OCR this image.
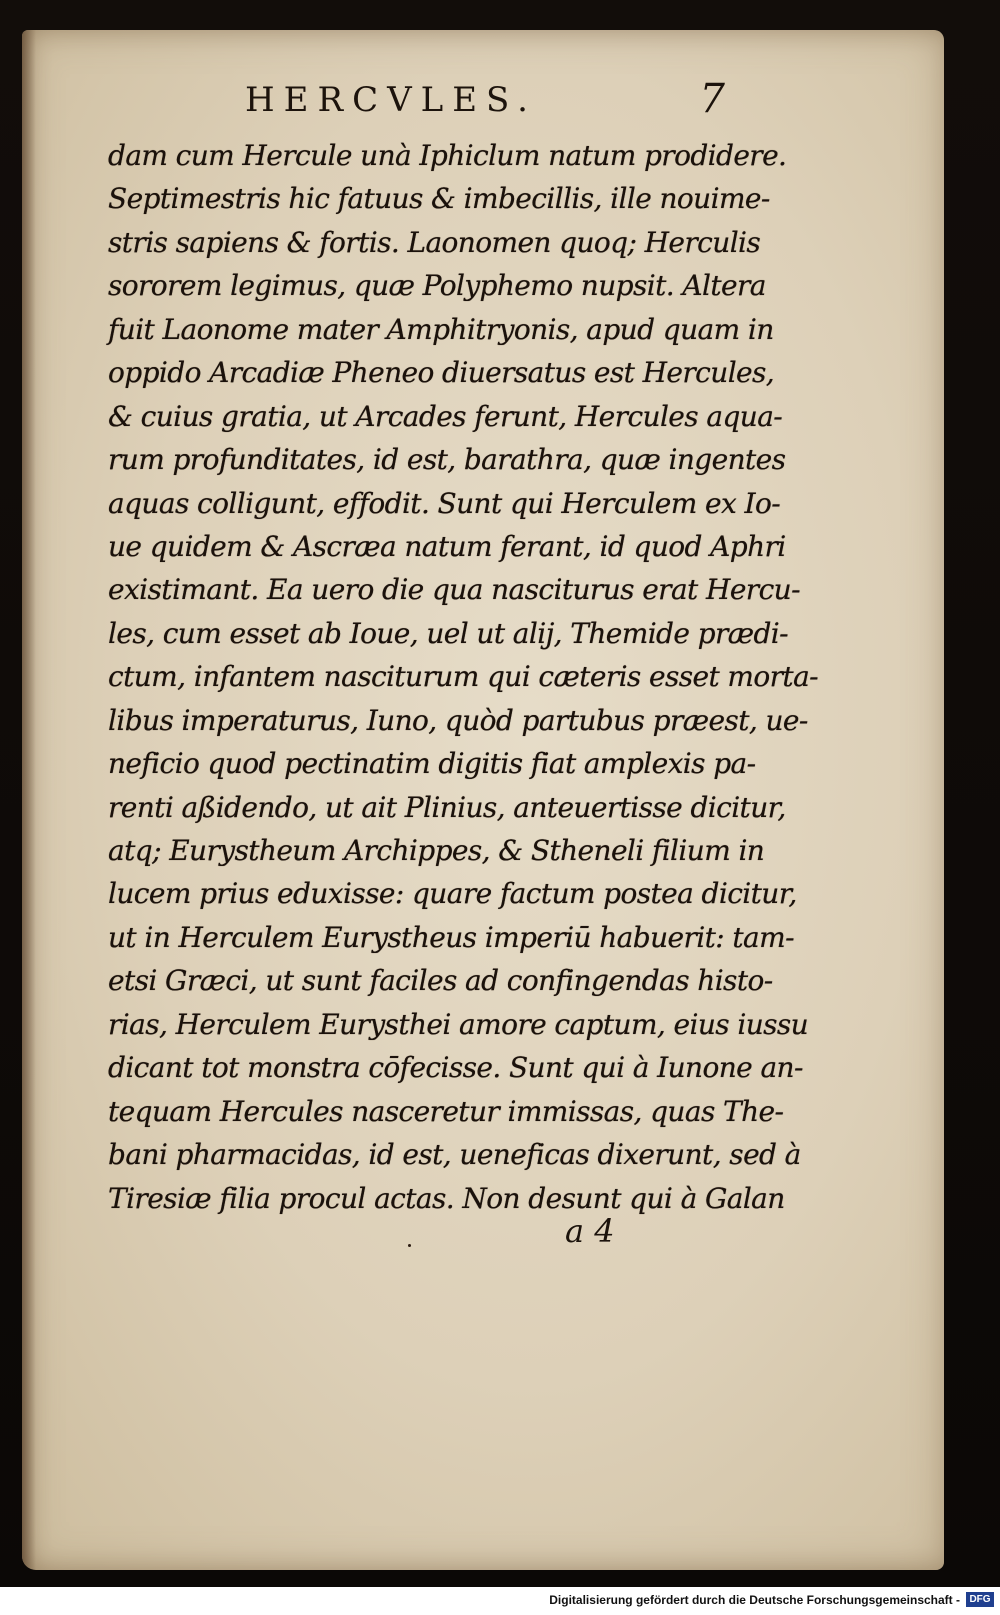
HERCVLES.	7
dam cum Hercule unà Iphiclum natum prodidere.
Septimestris hic fatuus & imbecillis, ille nouime-
stris sapiens & fortis. Laonomen quoq; Herculis
sororem legimus, quæ Polyphemo nupsit. Altera
fuit Laonome mater Amphitryonis, apud quam in
oppido Arcadiæ Pheneo diuersatus est Hercules,
& cuius gratia, ut Arcades ferunt, Hercules aqua-
rum profunditates, id est, barathra, quæ ingentes
aquas colligunt, effodit. Sunt qui Herculem ex Io-
ue quidem & Ascræa natum ferant, id quod Aphri
existimant. Ea uero die qua nasciturus erat Hercu-
les, cum esset ab Ioue, uel ut alij, Themide prædi-
ctum, infantem nasciturum qui cæteris esset morta-
libus imperaturus, Iuno, quòd partubus præest, ue-
neficio quod pectinatim digitis fiat amplexis pa-
renti aßidendo, ut ait Plinius, anteuertisse dicitur,
atq; Eurystheum Archippes, & Stheneli filium in
lucem prius eduxisse: quare factum postea dicitur,
ut in Herculem Eurystheus imperiū habuerit: tam-
etsi Græci, ut sunt faciles ad confingendas histo-
rias, Herculem Eurysthei amore captum, eius iussu
dicant tot monstra cōfecisse. Sunt qui à Iunone an-
tequam Hercules nasceretur immissas, quas The-
bani pharmacidas, id est, ueneficas dixerunt, sed à
Tiresiæ filia procul actas. Non desunt qui à Galan
a 4
Digitalisierung gefördert durch die Deutsche Forschungsgemeinschaft - DFG
